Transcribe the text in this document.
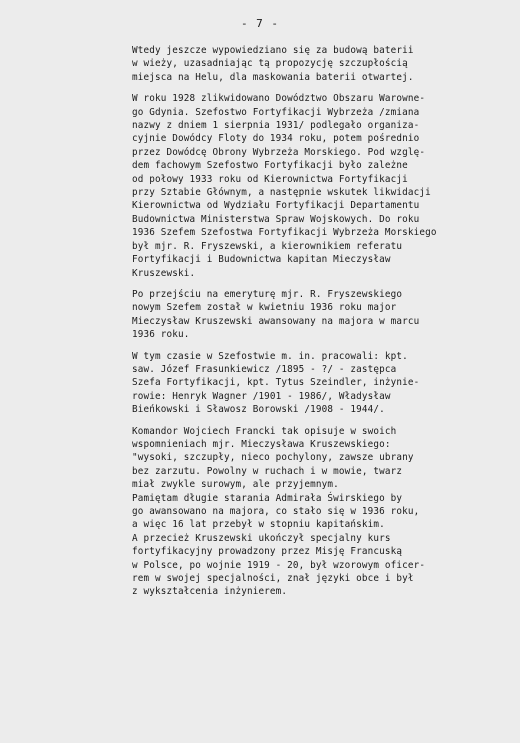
- 7 -
Wtedy jeszcze wypowiedziano się za budową baterii
w wieży, uzasadniając tą propozycję szczupłością
miejsca na Helu, dla maskowania baterii otwartej.
W roku 1928 zlikwidowano Dowództwo Obszaru Warowne-
go Gdynia. Szefostwo Fortyfikacji Wybrzeża /zmiana
nazwy z dniem 1 sierpnia 1931/ podlegało organiza-
cyjnie Dowódcy Floty do 1934 roku, potem pośrednio
przez Dowódcę Obrony Wybrzeża Morskiego. Pod wzglę-
dem fachowym Szefostwo Fortyfikacji było zależne
od połowy 1933 roku od Kierownictwa Fortyfikacji
przy Sztabie Głównym, a następnie wskutek likwidacji
Kierownictwa od Wydziału Fortyfikacji Departamentu
Budownictwa Ministerstwa Spraw Wojskowych. Do roku
1936 Szefem Szefostwa Fortyfikacji Wybrzeża Morskiego
był mjr. R. Fryszewski, a kierownikiem referatu
Fortyfikacji i Budownictwa kapitan Mieczysław
Kruszewski.
Po przejściu na emeryturę mjr. R. Fryszewskiego
nowym Szefem został w kwietniu 1936 roku major
Mieczysław Kruszewski awansowany na majora w marcu
1936 roku.
W tym czasie w Szefostwie m. in. pracowali: kpt.
saw. Józef Frasunkiewicz /1895 - ?/ - zastępca
Szefa Fortyfikacji, kpt. Tytus Szeindler, inżynie-
rowie: Henryk Wagner /1901 - 1986/, Władysław
Bieńkowski i Sławosz Borowski /1908 - 1944/.
Komandor Wojciech Francki tak opisuje w swoich
wspomnieniach mjr. Mieczysława Kruszewskiego:
"wysoki, szczupły, nieco pochylony, zawsze ubrany
bez zarzutu. Powolny w ruchach i w mowie, twarz
miał zwykle surowym, ale przyjemnym.
Pamiętam długie starania Admirała Świrskiego by
go awansowano na majora, co stało się w 1936 roku,
a więc 16 lat przebył w stopniu kapitańskim.
A przecież Kruszewski ukończył specjalny kurs
fortyfikacyjny prowadzony przez Misję Francuską
w Polsce, po wojnie 1919 - 20, był wzorowym oficer-
rem w swojej specjalności, znał języki obce i był
z wykształcenia inżynierem.
